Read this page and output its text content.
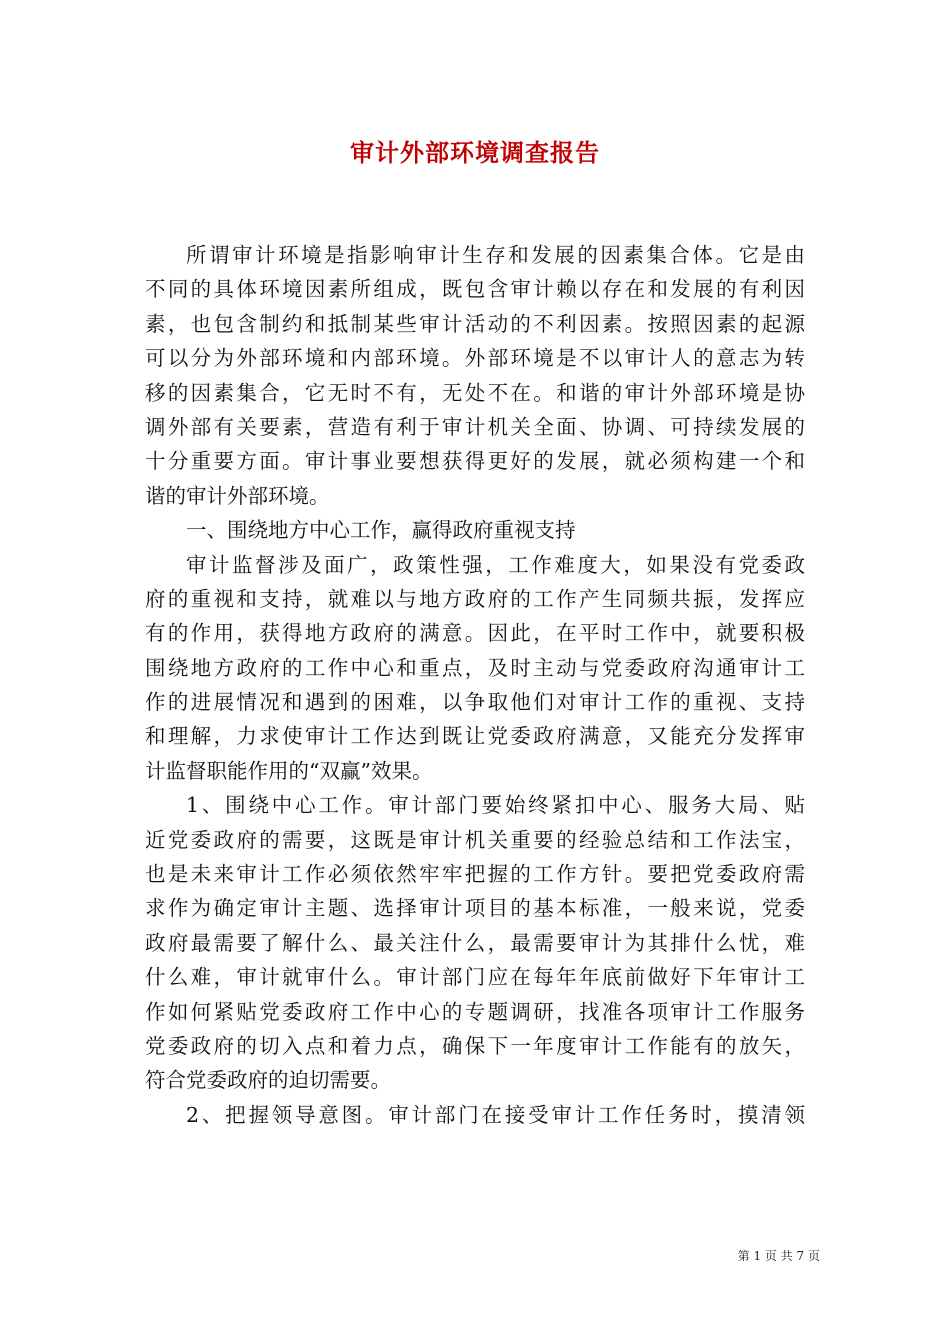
审计外部环境调查报告
所谓审计环境是指影响审计生存和发展的因素集合体。它是由
不同的具体环境因素所组成，既包含审计赖以存在和发展的有利因
素，也包含制约和抵制某些审计活动的不利因素。按照因素的起源
可以分为外部环境和内部环境。外部环境是不以审计人的意志为转
移的因素集合，它无时不有，无处不在。和谐的审计外部环境是协
调外部有关要素，营造有利于审计机关全面、协调、可持续发展的
十分重要方面。审计事业要想获得更好的发展，就必须构建一个和
谐的审计外部环境。
一、围绕地方中心工作，赢得政府重视支持
审计监督涉及面广，政策性强，工作难度大，如果没有党委政
府的重视和支持，就难以与地方政府的工作产生同频共振，发挥应
有的作用，获得地方政府的满意。因此，在平时工作中，就要积极
围绕地方政府的工作中心和重点，及时主动与党委政府沟通审计工
作的进展情况和遇到的困难，以争取他们对审计工作的重视、支持
和理解，力求使审计工作达到既让党委政府满意，又能充分发挥审
计监督职能作用的“双赢”效果。
1、围绕中心工作。审计部门要始终紧扣中心、服务大局、贴
近党委政府的需要，这既是审计机关重要的经验总结和工作法宝，
也是未来审计工作必须依然牢牢把握的工作方针。要把党委政府需
求作为确定审计主题、选择审计项目的基本标准，一般来说，党委
政府最需要了解什么、最关注什么，最需要审计为其排什么忧，难
什么难，审计就审什么。审计部门应在每年年底前做好下年审计工
作如何紧贴党委政府工作中心的专题调研，找准各项审计工作服务
党委政府的切入点和着力点，确保下一年度审计工作能有的放矢，
符合党委政府的迫切需要。
2、把握领导意图。审计部门在接受审计工作任务时，摸清领
第 1 页 共 7 页
